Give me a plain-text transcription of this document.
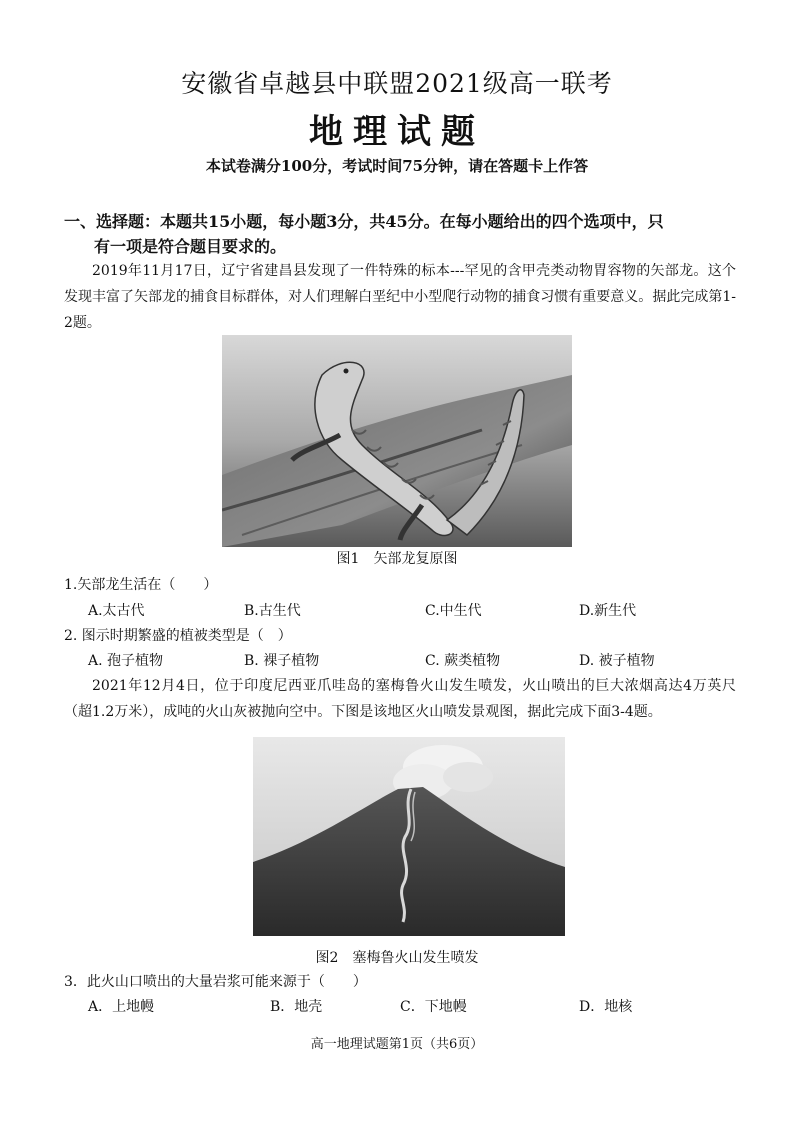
安徽省卓越县中联盟2021级高一联考
地理试题
本试卷满分100分，考试时间75分钟，请在答题卡上作答
一、选择题：本题共15小题，每小题3分，共45分。在每小题给出的四个选项中，只
有一项是符合题目要求的。
2019年11月17日，辽宁省建昌县发现了一件特殊的标本---罕见的含甲壳类动物胃容物的矢部龙。这个发现丰富了矢部龙的捕食目标群体，对人们理解白垩纪中小型爬行动物的捕食习惯有重要意义。据此完成第1-2题。
图1　矢部龙复原图
1.矢部龙生活在（　　）
A.太古代	B.古生代	C.中生代	D.新生代
2. 图示时期繁盛的植被类型是（　）
A. 孢子植物	B. 裸子植物	C. 蕨类植物	D. 被子植物
2021年12月4日，位于印度尼西亚爪哇岛的塞梅鲁火山发生喷发，火山喷出的巨大浓烟高达4万英尺（超1.2万米），成吨的火山灰被抛向空中。下图是该地区火山喷发景观图，据此完成下面3-4题。
图2　塞梅鲁火山发生喷发
3．此火山口喷出的大量岩浆可能来源于（　　）
A．上地幔	B．地壳	C．下地幔	D．地核
高一地理试题第1页（共6页）
